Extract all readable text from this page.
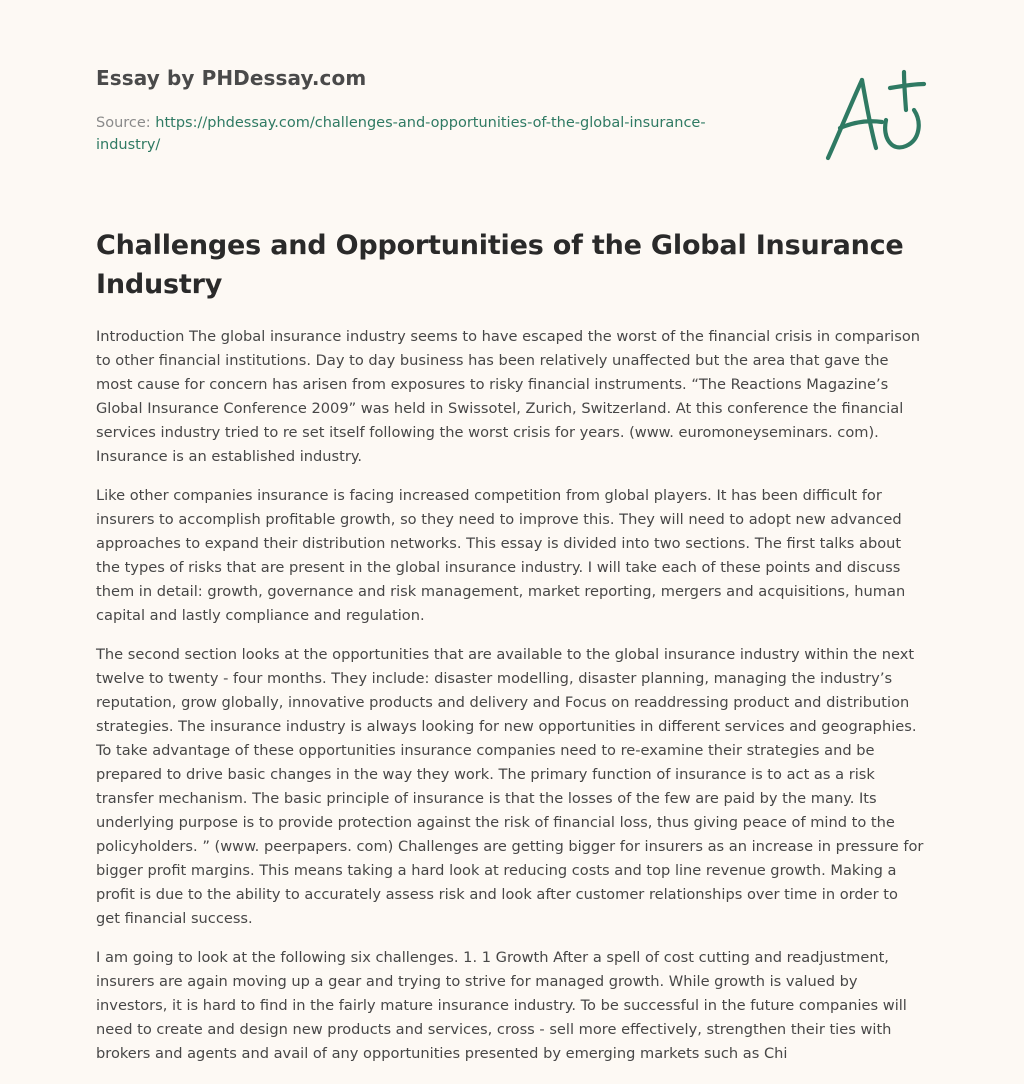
Essay by PHDessay.com
Source: https://phdessay.com/challenges-and-opportunities-of-the-global-insurance-industry/
Challenges and Opportunities of the Global Insurance Industry

Introduction The global insurance industry seems to have escaped the worst of the financial crisis in comparison to other financial institutions. Day to day business has been relatively unaffected but the area that gave the most cause for concern has arisen from exposures to risky financial instruments. “The Reactions Magazine’s Global Insurance Conference 2009” was held in Swissotel, Zurich, Switzerland. At this conference the financial services industry tried to re set itself following the worst crisis for years. (www. euromoneyseminars. com). Insurance is an established industry.

Like other companies insurance is facing increased competition from global players. It has been difficult for insurers to accomplish profitable growth, so they need to improve this. They will need to adopt new advanced approaches to expand their distribution networks. This essay is divided into two sections. The first talks about the types of risks that are present in the global insurance industry. I will take each of these points and discuss them in detail: growth, governance and risk management, market reporting, mergers and acquisitions, human capital and lastly compliance and regulation.

The second section looks at the opportunities that are available to the global insurance industry within the next twelve to twenty - four months. They include: disaster modelling, disaster planning, managing the industry’s reputation, grow globally, innovative products and delivery and Focus on readdressing product and distribution strategies. The insurance industry is always looking for new opportunities in different services and geographies. To take advantage of these opportunities insurance companies need to re-examine their strategies and be prepared to drive basic changes in the way they work. The primary function of insurance is to act as a risk transfer mechanism. The basic principle of insurance is that the losses of the few are paid by the many. Its underlying purpose is to provide protection against the risk of financial loss, thus giving peace of mind to the policyholders. ” (www. peerpapers. com) Challenges are getting bigger for insurers as an increase in pressure for bigger profit margins. This means taking a hard look at reducing costs and top line revenue growth. Making a profit is due to the ability to accurately assess risk and look after customer relationships over time in order to get financial success.

I am going to look at the following six challenges. 1. 1 Growth After a spell of cost cutting and readjustment, insurers are again moving up a gear and trying to strive for managed growth. While growth is valued by investors, it is hard to find in the fairly mature insurance industry. To be successful in the future companies will need to create and design new products and services, cross - sell more effectively, strengthen their ties with brokers and agents and avail of any opportunities presented by emerging markets such as Chi
